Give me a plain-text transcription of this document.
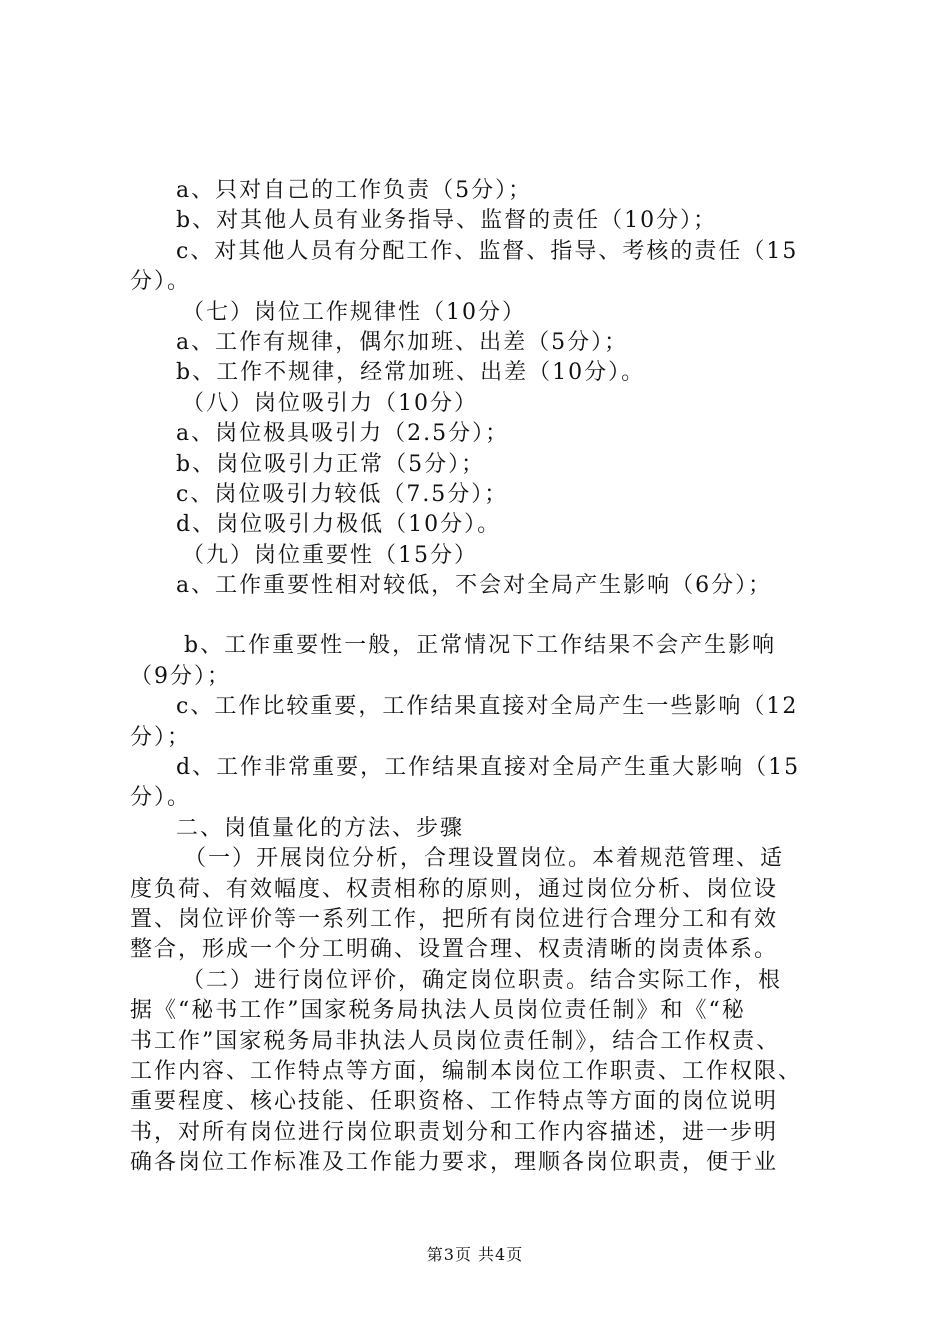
a、只对自己的工作负责（5分）；
b、对其他人员有业务指导、监督的责任（10分）；
c、对其他人员有分配工作、监督、指导、考核的责任（15
分）。
（七）岗位工作规律性（10分）
a、工作有规律，偶尔加班、出差（5分）；
b、工作不规律，经常加班、出差（10分）。
（八）岗位吸引力（10分）
a、岗位极具吸引力（2.5分）；
b、岗位吸引力正常（5分）；
c、岗位吸引力较低（7.5分）；
d、岗位吸引力极低（10分）。
（九）岗位重要性（15分）
a、工作重要性相对较低，不会对全局产生影响（6分）；
b、工作重要性一般，正常情况下工作结果不会产生影响
（9分）；
c、工作比较重要，工作结果直接对全局产生一些影响（12
分）；
d、工作非常重要，工作结果直接对全局产生重大影响（15
分）。
二、岗值量化的方法、步骤
（一）开展岗位分析，合理设置岗位。本着规范管理、适
度负荷、有效幅度、权责相称的原则，通过岗位分析、岗位设
置、岗位评价等一系列工作，把所有岗位进行合理分工和有效
整合，形成一个分工明确、设置合理、权责清晰的岗责体系。
（二）进行岗位评价，确定岗位职责。结合实际工作，根
据《“秘书工作”国家税务局执法人员岗位责任制》和《“秘
书工作”国家税务局非执法人员岗位责任制》，结合工作权责、
工作内容、工作特点等方面，编制本岗位工作职责、工作权限、
重要程度、核心技能、任职资格、工作特点等方面的岗位说明
书，对所有岗位进行岗位职责划分和工作内容描述，进一步明
确各岗位工作标准及工作能力要求，理顺各岗位职责，便于业
第3页 共4页
